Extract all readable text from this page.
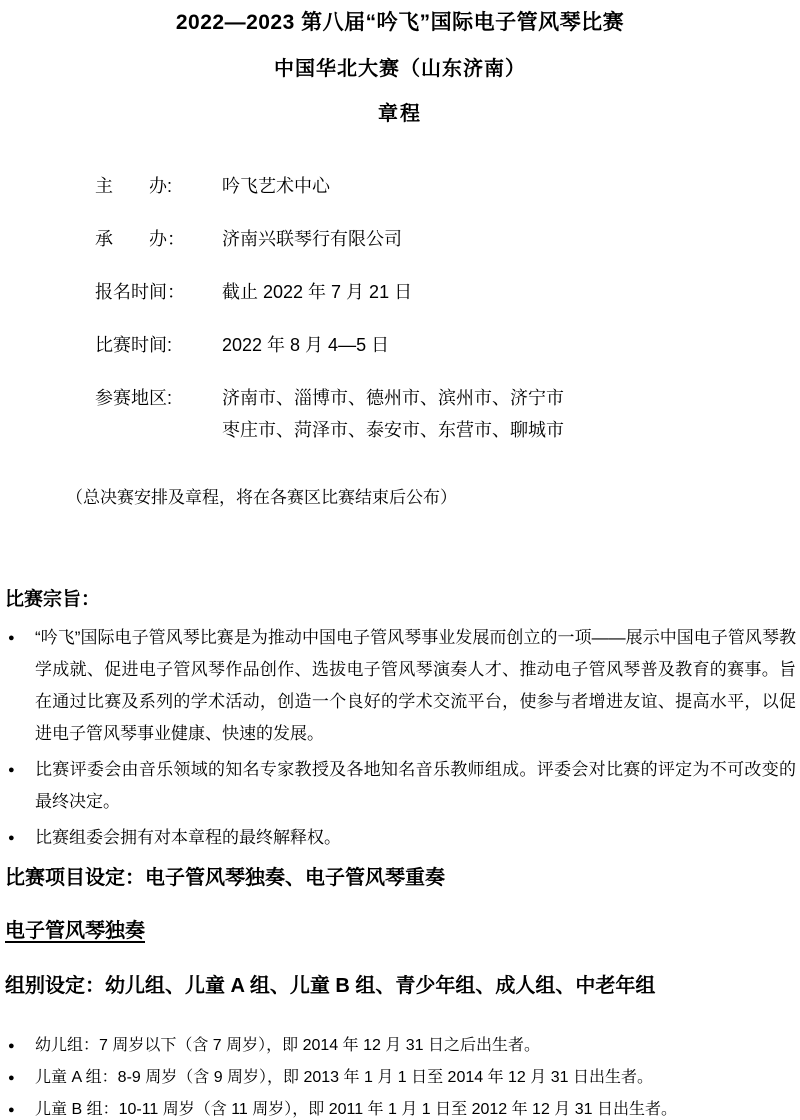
2022—2023 第八届“吟飞”国际电子管风琴比赛
中国华北大赛（山东济南）
章程
主　　办:	吟飞艺术中心
承　　办：	济南兴联琴行有限公司
报名时间：	截止 2022 年 7 月 21 日
比赛时间:	2022 年 8 月 4—5 日
参赛地区:	济南市、淄博市、德州市、滨州市、济宁市
枣庄市、菏泽市、泰安市、东营市、聊城市
（总决赛安排及章程，将在各赛区比赛结束后公布）
比赛宗旨：
● “吟飞”国际电子管风琴比赛是为推动中国电子管风琴事业发展而创立的一项——展示中国电子管风琴教学成就、促进电子管风琴作品创作、选拔电子管风琴演奏人才、推动电子管风琴普及教育的赛事。旨在通过比赛及系列的学术活动，创造一个良好的学术交流平台，使参与者增进友谊、提高水平，以促进电子管风琴事业健康、快速的发展。
● 比赛评委会由音乐领域的知名专家教授及各地知名音乐教师组成。评委会对比赛的评定为不可改变的最终决定。
● 比赛组委会拥有对本章程的最终解释权。
比赛项目设定：电子管风琴独奏、电子管风琴重奏
电子管风琴独奏
组别设定：幼儿组、儿童 A 组、儿童 B 组、青少年组、成人组、中老年组
● 幼儿组：7 周岁以下（含 7 周岁），即 2014 年 12 月 31 日之后出生者。
● 儿童 A 组：8-9 周岁（含 9 周岁），即 2013 年 1 月 1 日至 2014 年 12 月 31 日出生者。
● 儿童 B 组：10-11 周岁（含 11 周岁），即 2011 年 1 月 1 日至 2012 年 12 月 31 日出生者。
